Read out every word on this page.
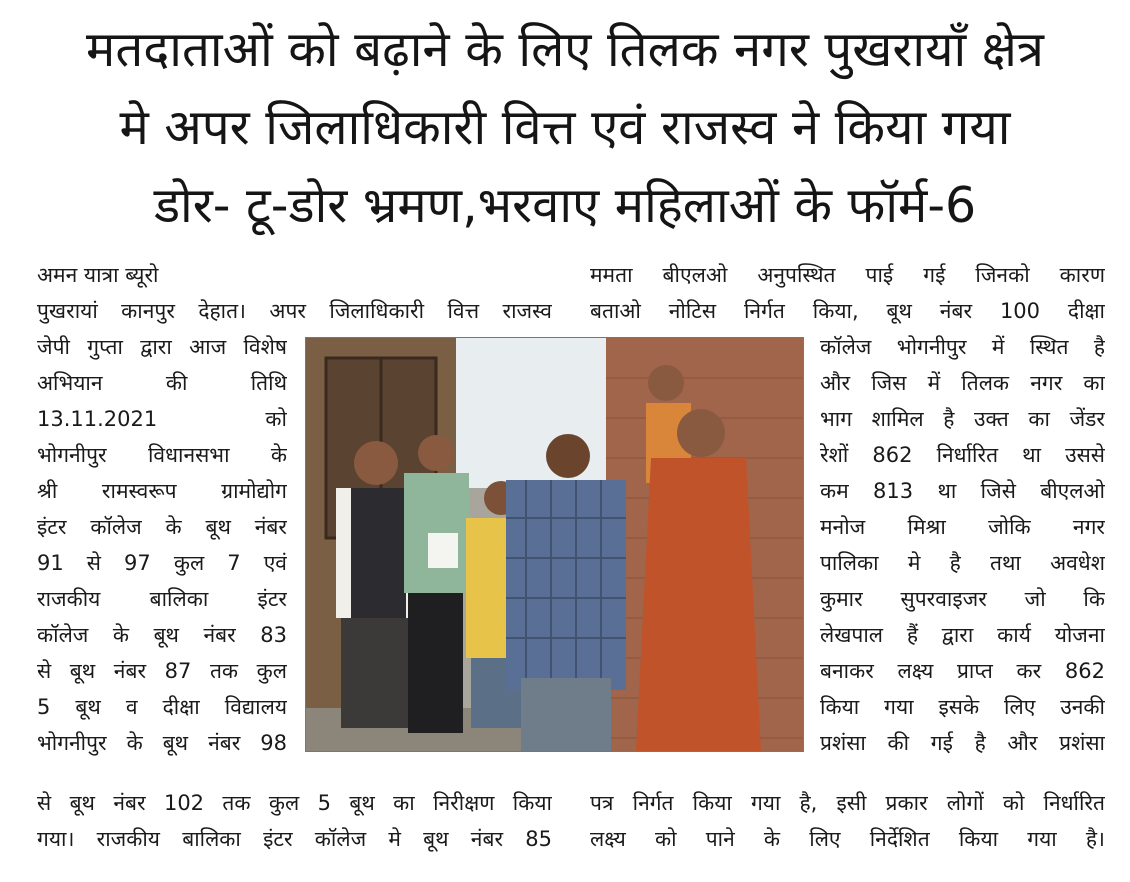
मतदाताओं को बढ़ाने के लिए तिलक नगर पुखरायाँ क्षेत्र
मे अपर जिलाधिकारी वित्त एवं राजस्व ने किया गया
डोर- टू-डोर भ्रमण,भरवाए महिलाओं के फॉर्म-6
अमन यात्रा ब्यूरो
पुखरायां कानपुर देहात। अपर जिलाधिकारी वित्त राजस्व
जेपी गुप्ता द्वारा आज विशेष
अभियान की तिथि
13.11.2021 को
भोगनीपुर विधानसभा के
श्री रामस्वरूप ग्रामोद्योग
इंटर कॉलेज के बूथ नंबर
91 से 97 कुल 7 एवं
राजकीय बालिका इंटर
कॉलेज के बूथ नंबर 83
से बूथ नंबर 87 तक कुल
5 बूथ व दीक्षा विद्यालय
भोगनीपुर के बूथ नंबर 98
से बूथ नंबर 102 तक कुल 5 बूथ का निरीक्षण किया
गया। राजकीय बालिका इंटर कॉलेज मे बूथ नंबर 85
ममता बीएलओ अनुपस्थित पाई गई जिनको कारण
बताओ नोटिस निर्गत किया, बूथ नंबर 100 दीक्षा
कॉलेज भोगनीपुर में स्थित है
और जिस में तिलक नगर का
भाग शामिल है उक्त का जेंडर
रेशों 862 निर्धारित था उससे
कम 813 था जिसे बीएलओ
मनोज मिश्रा जोकि नगर
पालिका मे है तथा अवधेश
कुमार सुपरवाइजर जो कि
लेखपाल हैं द्वारा कार्य योजना
बनाकर लक्ष्य प्राप्त कर 862
किया गया इसके लिए उनकी
प्रशंसा की गई है और प्रशंसा
पत्र निर्गत किया गया है, इसी प्रकार लोगों को निर्धारित
लक्ष्य को पाने के लिए निर्देशित किया गया है।
